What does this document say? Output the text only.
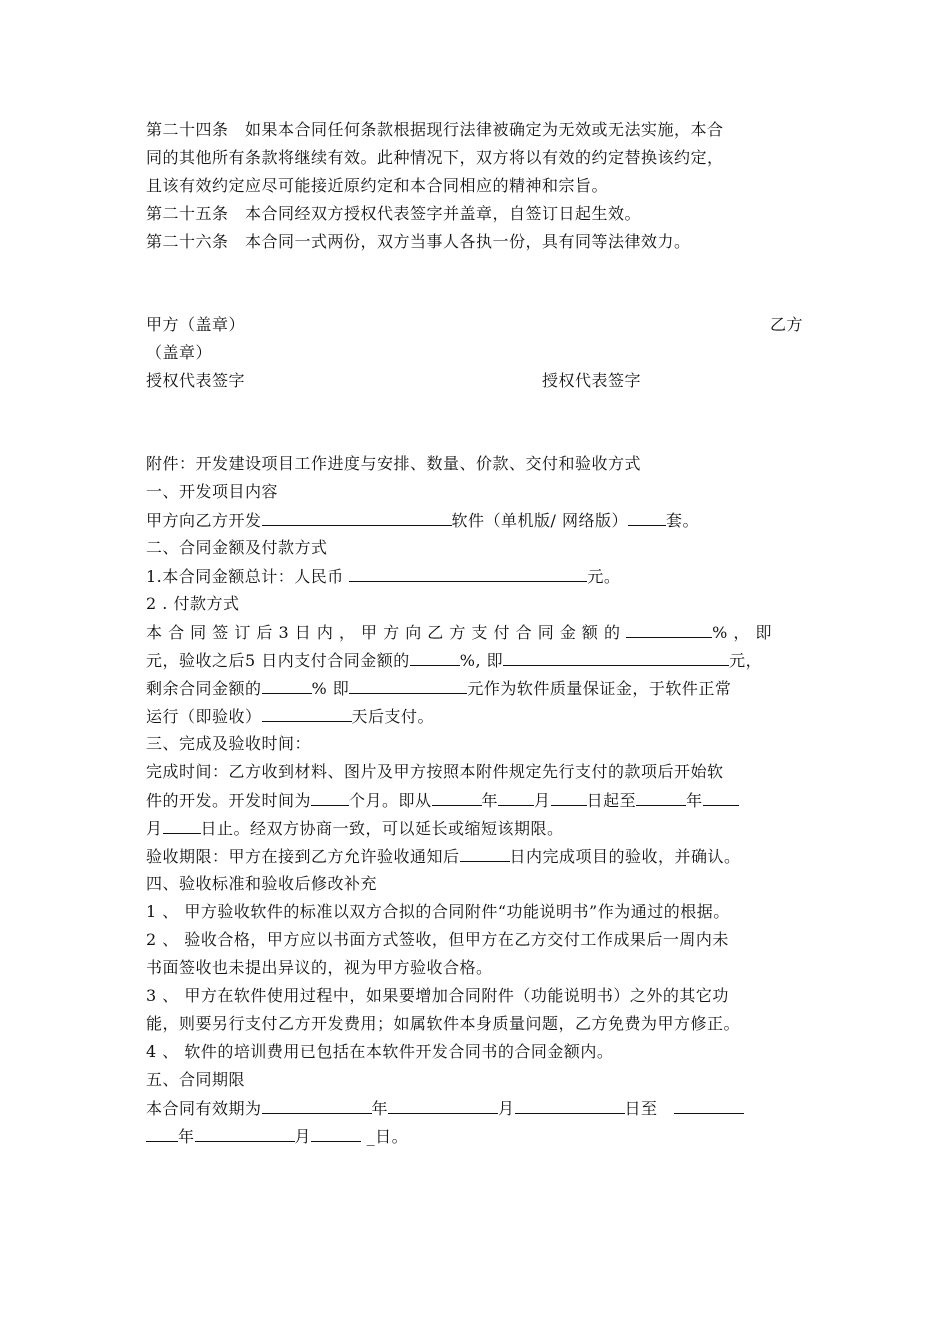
第二十四条　如果本合同任何条款根据现行法律被确定为无效或无法实施，本合
同的其他所有条款将继续有效。此种情况下，双方将以有效的约定替换该约定，
且该有效约定应尽可能接近原约定和本合同相应的精神和宗旨。
第二十五条　本合同经双方授权代表签字并盖章，自签订日起生效。
第二十六条　本合同一式两份，双方当事人各执一份，具有同等法律效力。
甲方（盖章）	乙方
（盖章）
授权代表签字	授权代表签字
附件：开发建设项目工作进度与安排、数量、价款、交付和验收方式
一、开发项目内容
甲方向乙方开发	软件（单机版/ 网络版） 套。
二、合同金额及付款方式
1.本合同金额总计：人民币	元。
2 . 付款方式
本 合 同 签 订 后 3 日 内 ， 甲 方 向 乙 方 支 付 合 同 金 额 的	% ， 即
元，验收之后5 日内支付合同金额的	%, 即	元，
剩余合同金额的	% 即	元作为软件质量保证金，于软件正常
运行（即验收）	天后支付。
三、完成及验收时间：
完成时间：乙方收到材料、图片及甲方按照本附件规定先行支付的款项后开始软
件的开发。开发时间为 个月。即从	年 月 日起至	年
月 日止。经双方协商一致，可以延长或缩短该期限。
验收期限：甲方在接到乙方允许验收通知后	日内完成项目的验收，并确认。
四、验收标准和验收后修改补充
1 、 甲方验收软件的标准以双方合拟的合同附件“功能说明书”作为通过的根据。
2 、 验收合格，甲方应以书面方式签收，但甲方在乙方交付工作成果后一周内未
书面签收也未提出异议的，视为甲方验收合格。
3 、 甲方在软件使用过程中，如果要增加合同附件（功能说明书）之外的其它功
能，则要另行支付乙方开发费用；如属软件本身质量问题，乙方免费为甲方修正。
4 、 软件的培训费用已包括在本软件开发合同书的合同金额内。
五、合同期限
本合同有效期为	年	月	日至　
年	月	_日。
